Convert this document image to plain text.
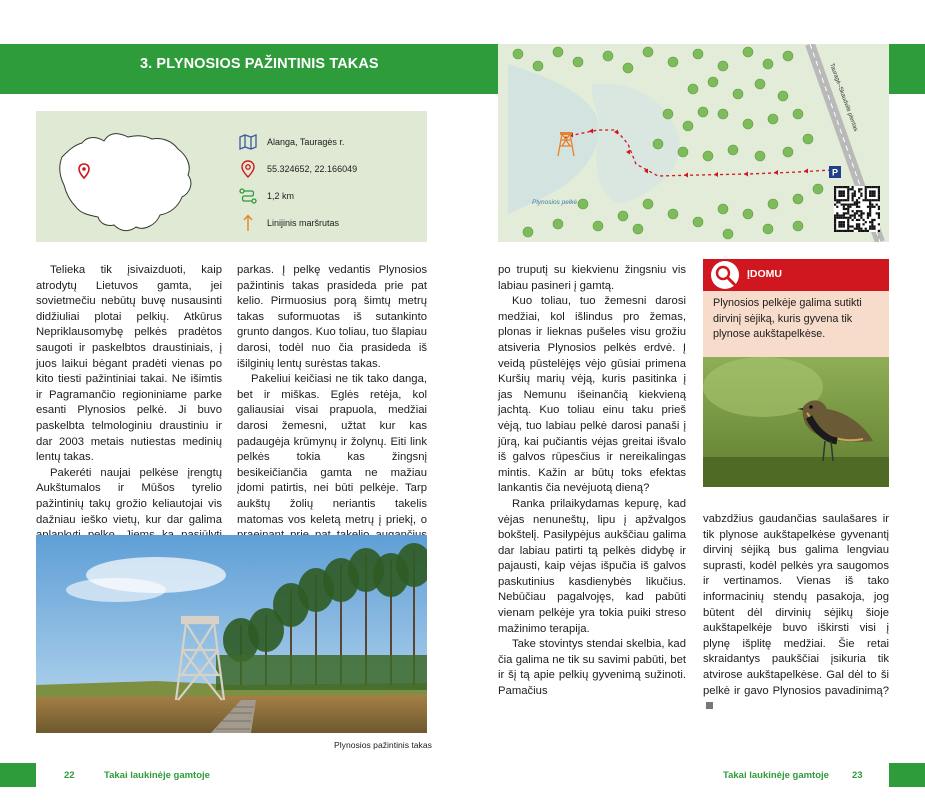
3. PLYNOSIOS PAŽINTINIS TAKAS
Alanga, Tauragės r.
55.324652, 22.166049
1,2 km
Linijinis maršrutas
Plynosios pelkė
Tauragė–Skaudvilė plentas
P

Telieka tik įsivaizduoti, kaip atrodytų Lietuvos gamta, jei sovietmečiu nebūtų buvę nusausinti didžiuliai plotai pelkių. Atkūrus Nepriklausomybę pelkės pradėtos saugoti ir paskelbtos draustiniais, į juos laikui bėgant pradėti vienas po kito tiesti pažintiniai takai. Ne išimtis ir Pagramančio regioniniame parke esanti Plynosios pelkė. Ji buvo paskelbta telmologiniu draustiniu ir dar 2003 metais nutiestas medinių lentų takas.

Pakeréti naujai pelkėse įrengtų Aukštumalos ir Mūšos tyrelio pažintinių takų grožio keliautojai vis dažniau ieško vietų, kur dar galima

parkas. Į pelkę vedantis Plynosios pažintinis takas prasideda prie pat kelio. Pirmuosius porą šimtų metrų takas suformuotas iš sutankinto grunto dangos. Kuo toliau, tuo šlapiau darosi, todėl nuo čia prasideda iš išilginių lentų surėstas takas.

Pakeliui keičiasi ne tik tako danga, bet ir miškas. Eglės retėja, kol galiausiai visai prapuola, medžiai darosi žemesni, užtat kur kas padaugėja krūmynų ir žolynų. Eiti link pelkės tokia kas žingsnį besikeičiančia gamta ne mažiau įdomi patirtis, nei būti pelkėje. Tarp aukštų žolių neriantis takelis matomas vos keletą metrų į priekį, o

Plynosios pažintinis takas

po truputį su kiekvienu žingsniu vis labiau pasineri į gamtą.

Kuo toliau, tuo žemesni darosi medžiai, kol išlindus pro žemas, plonas ir lieknas pušeles visu grožiu atsiveria Plynosios pelkės erdvė. Į veidą pūstelėjęs vėjo gūsiai primena Kuršių marių vėją, kuris pasitinka į jas Nemunu išeinančią kiekvieną jachtą. Kuo toliau einu taku prieš vėją, tuo labiau pelkė darosi panaši į jūrą, kai pučiantis vėjas greitai išvalo iš galvos rūpesčius ir nereikalingas mintis. Kažin ar būtų toks efektas lankantis čia nevėjuotą dieną?

Ranka prilaikydamas kepurę, kad vėjas nenuneštų, lipu į apžvalgos bokštelį. Pasilypėjus aukščiau galima dar labiau patirti tą pelkės didybę ir pajausti, kaip vėjas išpučia iš galvos paskutinius kasdienybės likučius. Nebūčiau pagalvojęs, kad pabūti vienam pelkėje yra tokia puiki streso mažinimo terapija.

Take stovintys stendai skelbia, kad čia galima ne tik su savimi pabūti, bet ir šį tą apie pelkių gyvenimą sužinoti. Pamačius

ĮDOMU
Plynosios pelkėje galima sutikti dirvinį sėjiką, kuris gyvena tik plynose aukštapelkėse.

vabzdžius gaudančias saulašares ir tik plynose aukštapelkėse gyvenantį dirvinį sėjiką bus galima lengviau suprasti, kodėl pelkės yra saugomos ir vertinamos. Vienas iš tako informacinių stendų pasakoja, jog būtent dėl dirvinių sėjikų šioje aukštapelkėje buvo iškirsti visi į plynę išplitę medžiai. Šie retai skraidantys paukščiai įsikuria tik atvirose aukštapelkėse. Gal dėl to ši pelkė ir gavo Plynosios pavadinimą?

22	Takai laukinėje gamtoje	Takai laukinėje gamtoje 23
